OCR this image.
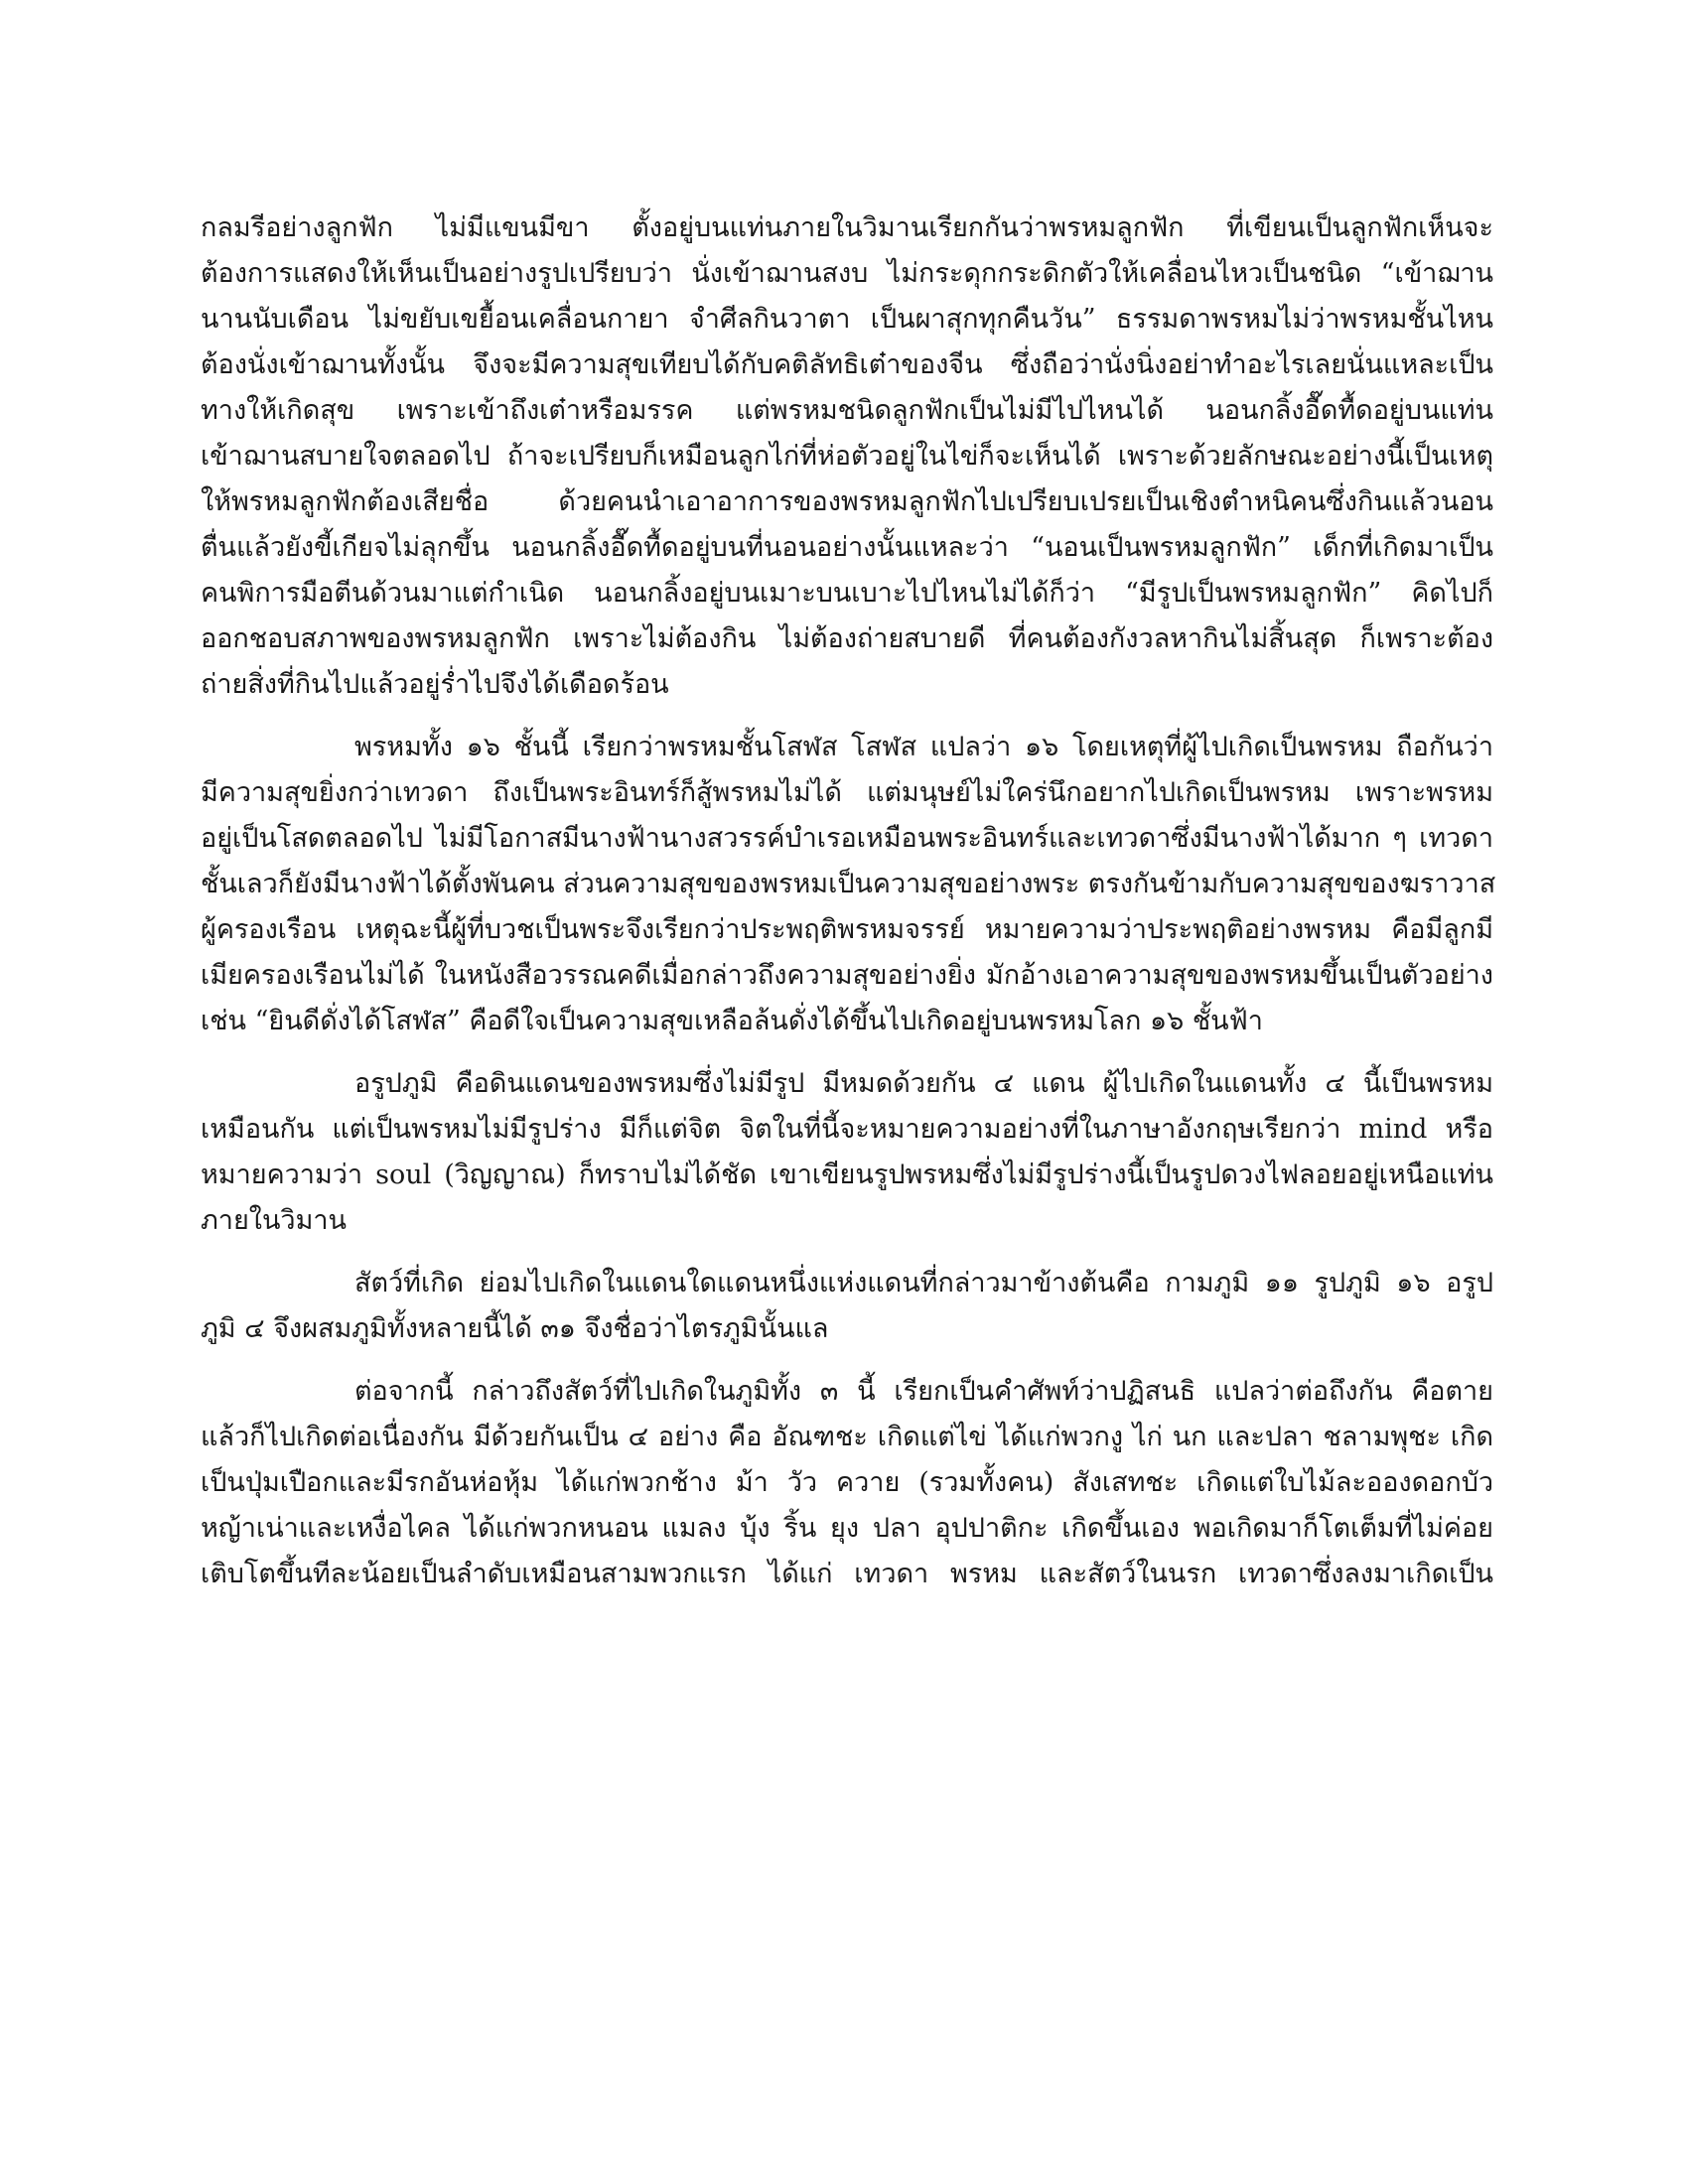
กลมรีอย่างลูกฟัก ไม่มีแขนมีขา ตั้งอยู่บนแท่นภายในวิมานเรียกกันว่าพรหมลูกฟัก ที่เขียนเป็นลูกฟักเห็นจะ
ต้องการแสดงให้เห็นเป็นอย่างรูปเปรียบว่า นั่งเข้าฌานสงบ ไม่กระดุกกระดิกตัวให้เคลื่อนไหวเป็นชนิด “เข้าฌาน
นานนับเดือน ไม่ขยับเขยื้อนเคลื่อนกายา จำศีลกินวาตา เป็นผาสุกทุกคืนวัน” ธรรมดาพรหมไม่ว่าพรหมชั้นไหน
ต้องนั่งเข้าฌานทั้งนั้น จึงจะมีความสุขเทียบได้กับคติลัทธิเต๋าของจีน ซึ่งถือว่านั่งนิ่งอย่าทำอะไรเลยนั่นแหละเป็น
ทางให้เกิดสุข เพราะเข้าถึงเต๋าหรือมรรค แต่พรหมชนิดลูกฟักเป็นไม่มีไปไหนได้ นอนกลิ้งอื๊ดทื้ดอยู่บนแท่น
เข้าฌานสบายใจตลอดไป ถ้าจะเปรียบก็เหมือนลูกไก่ที่ห่อตัวอยู่ในไข่ก็จะเห็นได้ เพราะด้วยลักษณะอย่างนี้เป็นเหตุ
ให้พรหมลูกฟักต้องเสียชื่อ ด้วยคนนำเอาอาการของพรหมลูกฟักไปเปรียบเปรยเป็นเชิงตำหนิคนซึ่งกินแล้วนอน
ตื่นแล้วยังขี้เกียจไม่ลุกขึ้น นอนกลิ้งอื๊ดทื้ดอยู่บนที่นอนอย่างนั้นแหละว่า “นอนเป็นพรหมลูกฟัก” เด็กที่เกิดมาเป็น
คนพิการมือตีนด้วนมาแต่กำเนิด นอนกลิ้งอยู่บนเมาะบนเบาะไปไหนไม่ได้ก็ว่า “มีรูปเป็นพรหมลูกฟัก” คิดไปก็
ออกชอบสภาพของพรหมลูกฟัก เพราะไม่ต้องกิน ไม่ต้องถ่ายสบายดี ที่คนต้องกังวลหากินไม่สิ้นสุด ก็เพราะต้อง
ถ่ายสิ่งที่กินไปแล้วอยู่ร่ำไปจึงได้เดือดร้อน
พรหมทั้ง ๑๖ ชั้นนี้ เรียกว่าพรหมชั้นโสฬส โสฬส แปลว่า ๑๖ โดยเหตุที่ผู้ไปเกิดเป็นพรหม ถือกันว่า
มีความสุขยิ่งกว่าเทวดา ถึงเป็นพระอินทร์ก็สู้พรหมไม่ได้ แต่มนุษย์ไม่ใคร่นึกอยากไปเกิดเป็นพรหม เพราะพรหม
อยู่เป็นโสดตลอดไป ไม่มีโอกาสมีนางฟ้านางสวรรค์บำเรอเหมือนพระอินทร์และเทวดาซึ่งมีนางฟ้าได้มาก ๆ เทวดา
ชั้นเลวก็ยังมีนางฟ้าได้ตั้งพันคน ส่วนความสุขของพรหมเป็นความสุขอย่างพระ ตรงกันข้ามกับความสุขของฆราวาส
ผู้ครองเรือน เหตุฉะนี้ผู้ที่บวชเป็นพระจึงเรียกว่าประพฤติพรหมจรรย์ หมายความว่าประพฤติอย่างพรหม คือมีลูกมี
เมียครองเรือนไม่ได้ ในหนังสือวรรณคดีเมื่อกล่าวถึงความสุขอย่างยิ่ง มักอ้างเอาความสุขของพรหมขึ้นเป็นตัวอย่าง
เช่น “ยินดีดั่งได้โสฬส” คือดีใจเป็นความสุขเหลือล้นดั่งได้ขึ้นไปเกิดอยู่บนพรหมโลก ๑๖ ชั้นฟ้า
อรูปภูมิ คือดินแดนของพรหมซึ่งไม่มีรูป มีหมดด้วยกัน ๔ แดน ผู้ไปเกิดในแดนทั้ง ๔ นี้เป็นพรหม
เหมือนกัน แต่เป็นพรหมไม่มีรูปร่าง มีก็แต่จิต จิตในที่นี้จะหมายความอย่างที่ในภาษาอังกฤษเรียกว่า mind หรือ
หมายความว่า soul (วิญญาณ) ก็ทราบไม่ได้ชัด เขาเขียนรูปพรหมซึ่งไม่มีรูปร่างนี้เป็นรูปดวงไฟลอยอยู่เหนือแท่น
ภายในวิมาน
สัตว์ที่เกิด ย่อมไปเกิดในแดนใดแดนหนึ่งแห่งแดนที่กล่าวมาข้างต้นคือ กามภูมิ ๑๑ รูปภูมิ ๑๖ อรูป
ภูมิ ๔ จึงผสมภูมิทั้งหลายนี้ได้ ๓๑ จึงชื่อว่าไตรภูมินั้นแล
ต่อจากนี้ กล่าวถึงสัตว์ที่ไปเกิดในภูมิทั้ง ๓ นี้ เรียกเป็นคำศัพท์ว่าปฏิสนธิ แปลว่าต่อถึงกัน คือตาย
แล้วก็ไปเกิดต่อเนื่องกัน มีด้วยกันเป็น ๔ อย่าง คือ อัณฑชะ เกิดแต่ไข่ ได้แก่พวกงู ไก่ นก และปลา ชลามพุชะ เกิด
เป็นปุ่มเปือกและมีรกอันห่อหุ้ม ได้แก่พวกช้าง ม้า วัว ควาย (รวมทั้งคน) สังเสทชะ เกิดแต่ใบไม้ละอองดอกบัว
หญ้าเน่าและเหงื่อไคล ได้แก่พวกหนอน แมลง บุ้ง ริ้น ยุง ปลา อุปปาติกะ เกิดขึ้นเอง พอเกิดมาก็โตเต็มที่ไม่ค่อย
เติบโตขึ้นทีละน้อยเป็นลำดับเหมือนสามพวกแรก ได้แก่ เทวดา พรหม และสัตว์ในนรก เทวดาซึ่งลงมาเกิดเป็น
